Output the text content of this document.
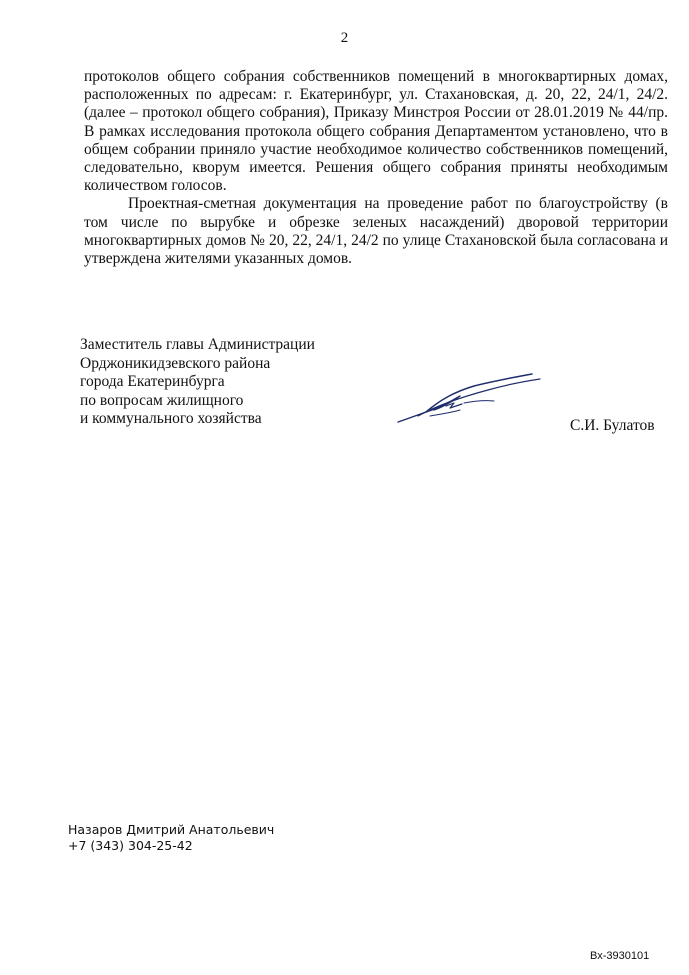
2

протоколов общего собрания собственников помещений в многоквартирных домах, расположенных по адресам: г. Екатеринбург, ул. Стахановская, д. 20, 22, 24/1, 24/2. (далее – протокол общего собрания), Приказу Минстроя России от 28.01.2019 № 44/пр. В рамках исследования протокола общего собрания Департаментом установлено, что в общем собрании приняло участие необходимое количество собственников помещений, следовательно, кворум имеется. Решения общего собрания приняты необходимым количеством голосов.

Проектная-сметная документация на проведение работ по благоустройству (в том числе по вырубке и обрезке зеленых насаждений) дворовой территории многоквартирных домов № 20, 22, 24/1, 24/2 по улице Стахановской была согласована и утверждена жителями указанных домов.

Заместитель главы Администрации
Орджоникидзевского района
города Екатеринбурга
по вопросам жилищного
и коммунального хозяйства	С.И. Булатов
Назаров Дмитрий Анатольевич
+7 (343) 304-25-42
Вх-3930101
